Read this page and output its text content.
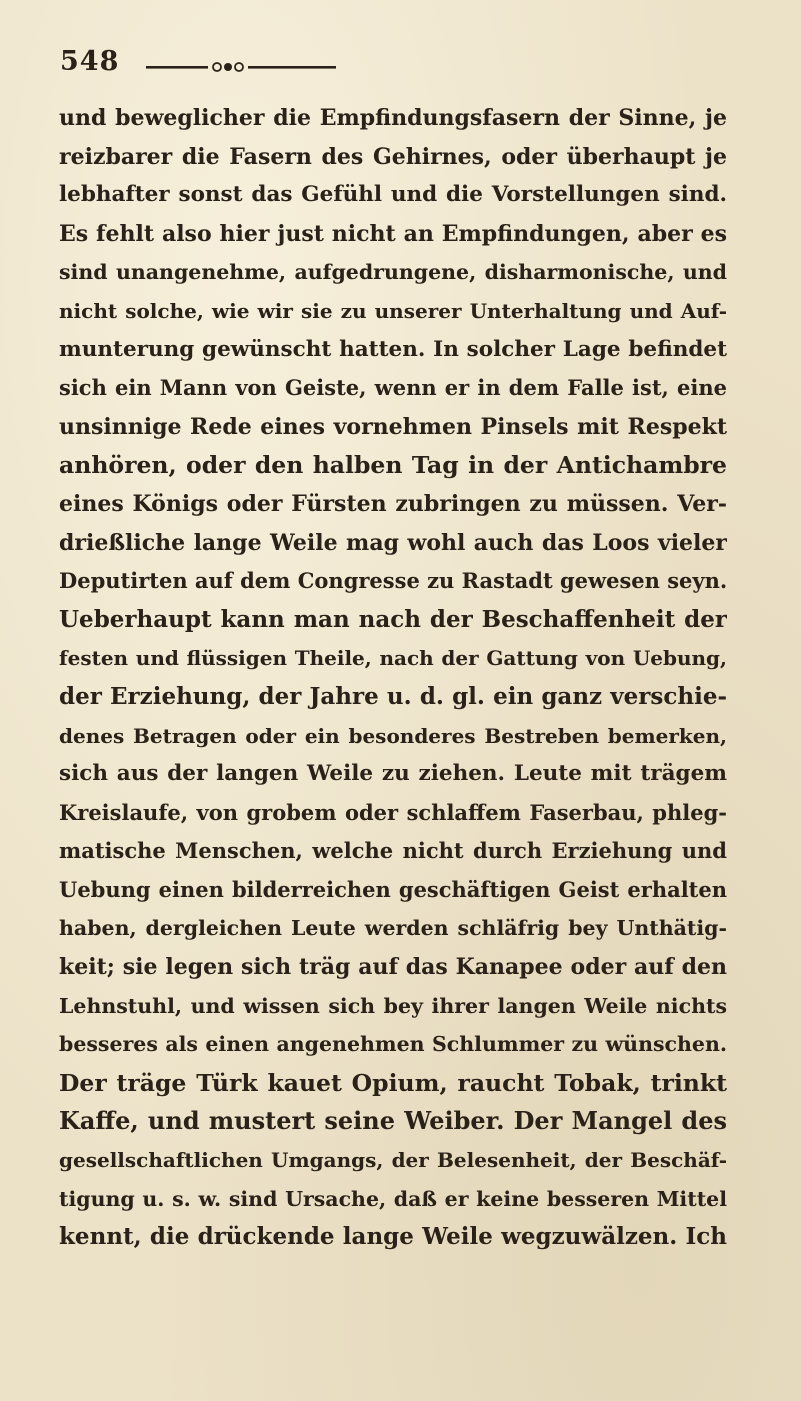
548
und beweglicher die Empfindungsfasern der Sinne, je
reizbarer die Fasern des Gehirnes, oder überhaupt je
lebhafter sonst das Gefühl und die Vorstellungen sind.
Es fehlt also hier just nicht an Empfindungen, aber es
sind unangenehme, aufgedrungene, disharmonische, und
nicht solche, wie wir sie zu unserer Unterhaltung und Auf-
munterung gewünscht hatten. In solcher Lage befindet
sich ein Mann von Geiste, wenn er in dem Falle ist, eine
unsinnige Rede eines vornehmen Pinsels mit Respekt
anhören, oder den halben Tag in der Antichambre
eines Königs oder Fürsten zubringen zu müssen. Ver-
drießliche lange Weile mag wohl auch das Loos vieler
Deputirten auf dem Congresse zu Rastadt gewesen seyn.
Ueberhaupt kann man nach der Beschaffenheit der
festen und flüssigen Theile, nach der Gattung von Uebung,
der Erziehung, der Jahre u. d. gl. ein ganz verschie-
denes Betragen oder ein besonderes Bestreben bemerken,
sich aus der langen Weile zu ziehen. Leute mit trägem
Kreislaufe, von grobem oder schlaffem Faserbau, phleg-
matische Menschen, welche nicht durch Erziehung und
Uebung einen bilderreichen geschäftigen Geist erhalten
haben, dergleichen Leute werden schläfrig bey Unthätig-
keit; sie legen sich träg auf das Kanapee oder auf den
Lehnstuhl, und wissen sich bey ihrer langen Weile nichts
besseres als einen angenehmen Schlummer zu wünschen.
Der träge Türk kauet Opium, raucht Tobak, trinkt
Kaffe, und mustert seine Weiber. Der Mangel des
gesellschaftlichen Umgangs, der Belesenheit, der Beschäf-
tigung u. s. w. sind Ursache, daß er keine besseren Mittel
kennt, die drückende lange Weile wegzuwälzen. Ich
